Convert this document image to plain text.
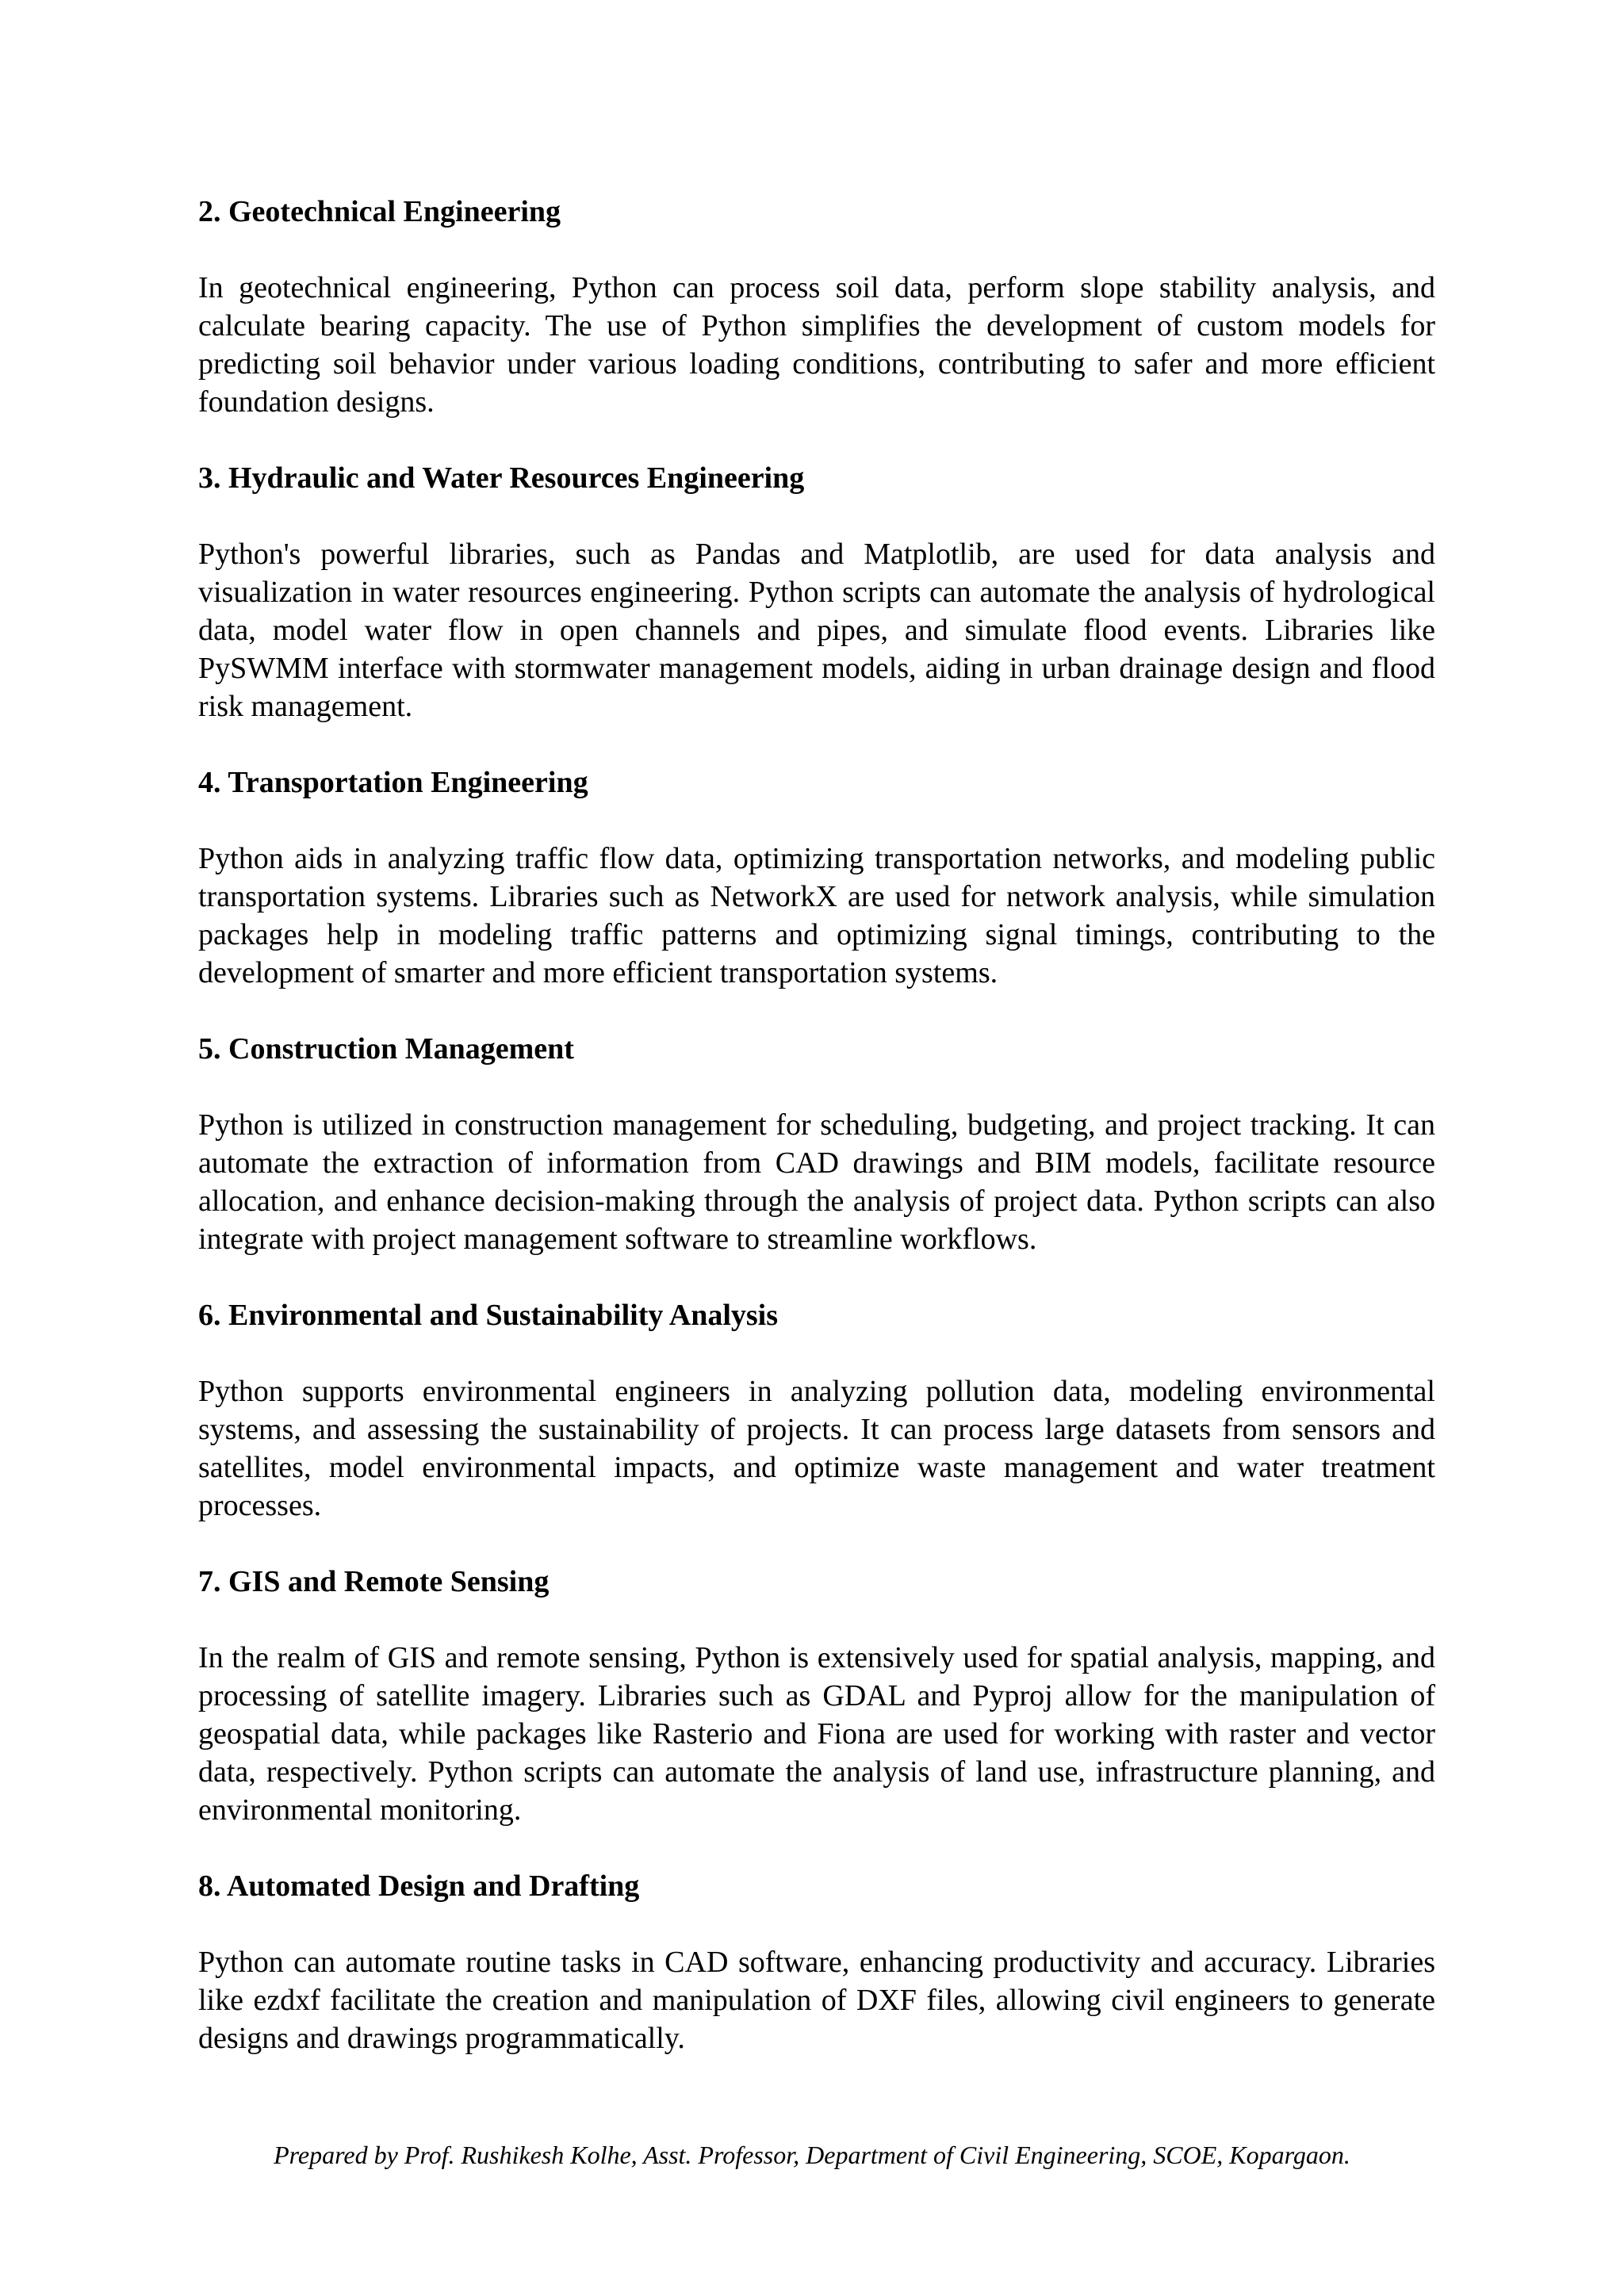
2. Geotechnical Engineering

In geotechnical engineering, Python can process soil data, perform slope stability analysis, and calculate bearing capacity. The use of Python simplifies the development of custom models for predicting soil behavior under various loading conditions, contributing to safer and more efficient foundation designs.

3. Hydraulic and Water Resources Engineering

Python's powerful libraries, such as Pandas and Matplotlib, are used for data analysis and visualization in water resources engineering. Python scripts can automate the analysis of hydrological data, model water flow in open channels and pipes, and simulate flood events. Libraries like PySWMM interface with stormwater management models, aiding in urban drainage design and flood risk management.

4. Transportation Engineering

Python aids in analyzing traffic flow data, optimizing transportation networks, and modeling public transportation systems. Libraries such as NetworkX are used for network analysis, while simulation packages help in modeling traffic patterns and optimizing signal timings, contributing to the development of smarter and more efficient transportation systems.

5. Construction Management

Python is utilized in construction management for scheduling, budgeting, and project tracking. It can automate the extraction of information from CAD drawings and BIM models, facilitate resource allocation, and enhance decision-making through the analysis of project data. Python scripts can also integrate with project management software to streamline workflows.

6. Environmental and Sustainability Analysis

Python supports environmental engineers in analyzing pollution data, modeling environmental systems, and assessing the sustainability of projects. It can process large datasets from sensors and satellites, model environmental impacts, and optimize waste management and water treatment processes.

7. GIS and Remote Sensing

In the realm of GIS and remote sensing, Python is extensively used for spatial analysis, mapping, and processing of satellite imagery. Libraries such as GDAL and Pyproj allow for the manipulation of geospatial data, while packages like Rasterio and Fiona are used for working with raster and vector data, respectively. Python scripts can automate the analysis of land use, infrastructure planning, and environmental monitoring.

8. Automated Design and Drafting

Python can automate routine tasks in CAD software, enhancing productivity and accuracy. Libraries like ezdxf facilitate the creation and manipulation of DXF files, allowing civil engineers to generate designs and drawings programmatically.

Prepared by Prof. Rushikesh Kolhe, Asst. Professor, Department of Civil Engineering, SCOE, Kopargaon.
